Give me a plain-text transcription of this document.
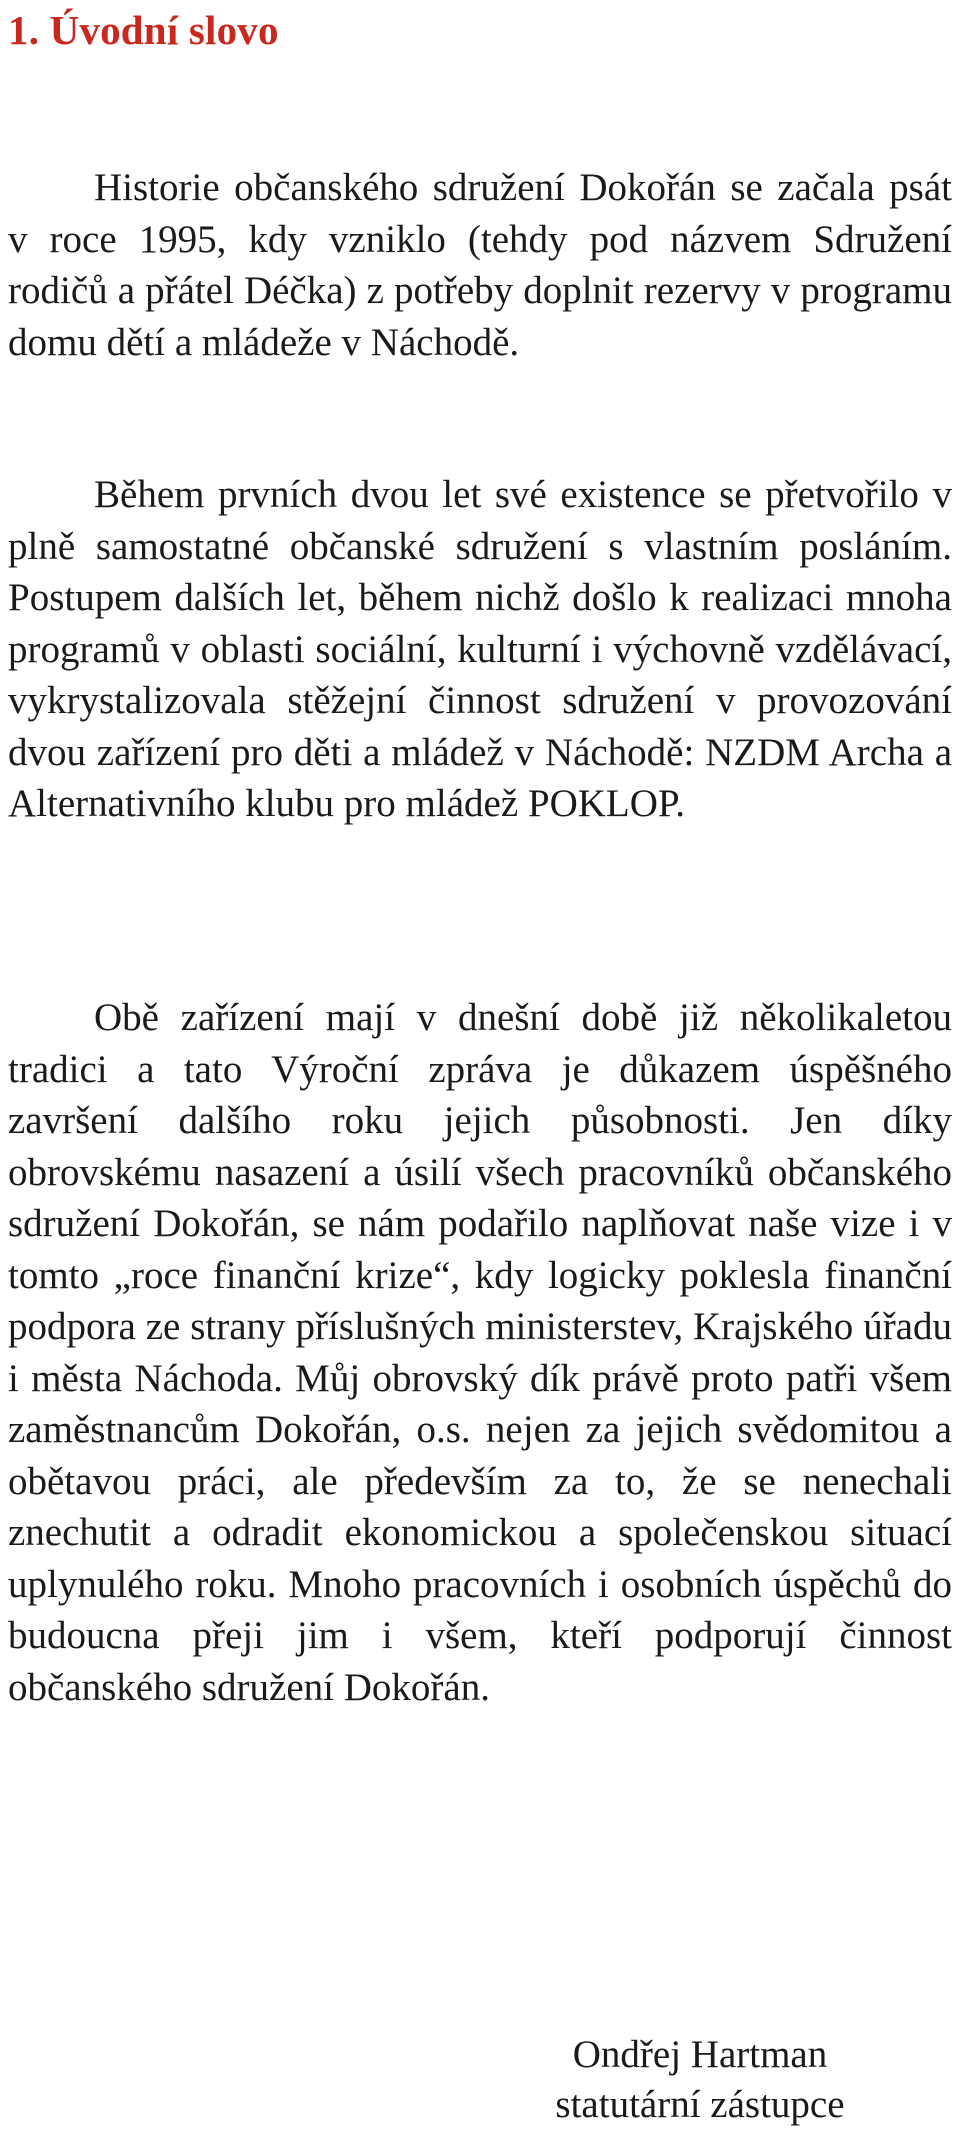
1. Úvodní slovo

Historie občanského sdružení Dokořán se začala psát v roce 1995, kdy vzniklo (tehdy pod názvem Sdružení rodičů a přátel Déčka) z potřeby doplnit rezervy v programu domu dětí a mládeže v Náchodě.

Během prvních dvou let své existence se přetvořilo v plně samostatné občanské sdružení s vlastním posláním. Postupem dalších let, během nichž došlo k realizaci mnoha programů v oblasti sociální, kulturní i výchovně vzdělávací, vykrystalizovala stěžejní činnost sdružení v provozování dvou zařízení pro děti a mládež v Náchodě: NZDM Archa a Alternativního klubu pro mládež POKLOP.

Obě zařízení mají v dnešní době již několikaletou tradici a tato Výroční zpráva je důkazem úspěšného završení dalšího roku jejich působnosti. Jen díky obrovskému nasazení a úsilí všech pracovníků občanského sdružení Dokořán, se nám podařilo naplňovat naše vize i v tomto „roce finanční krize“, kdy logicky poklesla finanční podpora ze strany příslušných ministerstev, Krajského úřadu i města Náchoda. Můj obrovský dík právě proto patři všem zaměstnancům Dokořán, o.s. nejen za jejich svědomitou a obětavou práci, ale především za to, že se nenechali znechutit a odradit ekonomickou a společenskou situací uplynulého roku. Mnoho pracovních i osobních úspěchů do budoucna přeji jim i všem, kteří podporují činnost občanského sdružení Dokořán.

Ondřej Hartman
statutární zástupce
